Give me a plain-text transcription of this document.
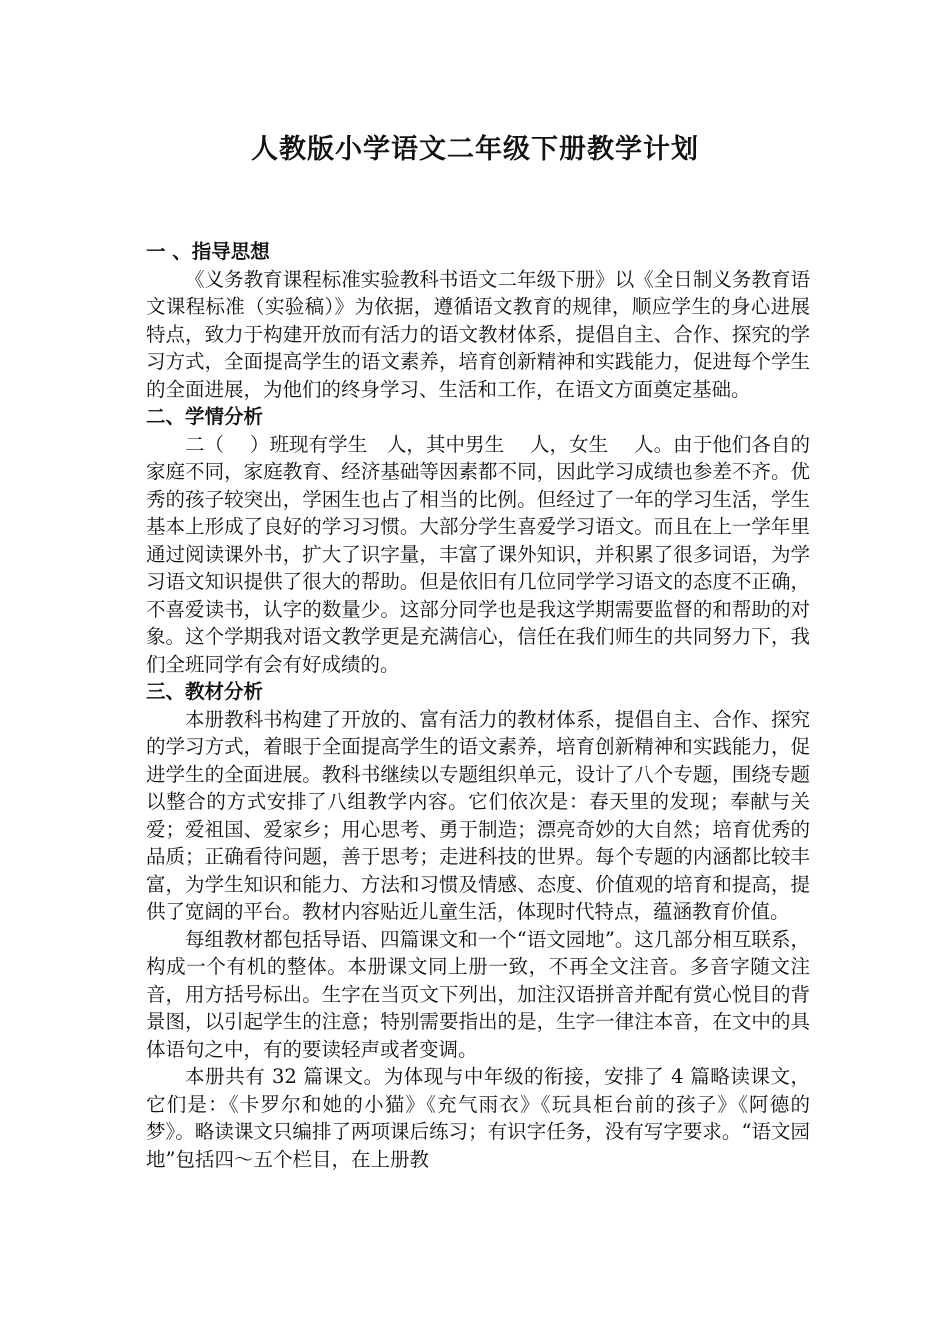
人教版小学语文二年级下册教学计划

一 、指导思想

《义务教育课程标准实验教科书语文二年级下册》以《全日制义务教育语文课程标准（实验稿）》为依据，遵循语文教育的规律，顺应学生的身心进展特点，致力于构建开放而有活力的语文教材体系，提倡自主、合作、探究的学习方式，全面提高学生的语文素养，培育创新精神和实践能力，促进每个学生的全面进展，为他们的终身学习、生活和工作，在语文方面奠定基础。

二、学情分析

二（　 ）班现有学生　人，其中男生　 人，女生　 人。由于他们各自的家庭不同，家庭教育、经济基础等因素都不同，因此学习成绩也参差不齐。优秀的孩子较突出，学困生也占了相当的比例。但经过了一年的学习生活，学生基本上形成了良好的学习习惯。大部分学生喜爱学习语文。而且在上一学年里通过阅读课外书，扩大了识字量，丰富了课外知识，并积累了很多词语，为学习语文知识提供了很大的帮助。但是依旧有几位同学学习语文的态度不正确，不喜爱读书，认字的数量少。这部分同学也是我这学期需要监督的和帮助的对象。这个学期我对语文教学更是充满信心，信任在我们师生的共同努力下，我们全班同学有会有好成绩的。

三、教材分析

本册教科书构建了开放的、富有活力的教材体系，提倡自主、合作、探究的学习方式，着眼于全面提高学生的语文素养，培育创新精神和实践能力，促进学生的全面进展。教科书继续以专题组织单元，设计了八个专题，围绕专题以整合的方式安排了八组教学内容。它们依次是：春天里的发现；奉献与关爱；爱祖国、爱家乡；用心思考、勇于制造；漂亮奇妙的大自然；培育优秀的品质；正确看待问题，善于思考；走进科技的世界。每个专题的内涵都比较丰富，为学生知识和能力、方法和习惯及情感、态度、价值观的培育和提高，提供了宽阔的平台。教材内容贴近儿童生活，体现时代特点，蕴涵教育价值。

每组教材都包括导语、四篇课文和一个“语文园地”。这几部分相互联系，构成一个有机的整体。本册课文同上册一致，不再全文注音。多音字随文注音，用方括号标出。生字在当页文下列出，加注汉语拼音并配有赏心悦目的背景图，以引起学生的注意；特别需要指出的是，生字一律注本音，在文中的具体语句之中，有的要读轻声或者变调。

本册共有 32 篇课文。为体现与中年级的衔接，安排了 4 篇略读课文，它们是：《卡罗尔和她的小猫》《充气雨衣》《玩具柜台前的孩子》《阿德的梦》。略读课文只编排了两项课后练习；有识字任务，没有写字要求。“语文园地”包括四～五个栏目，在上册教
